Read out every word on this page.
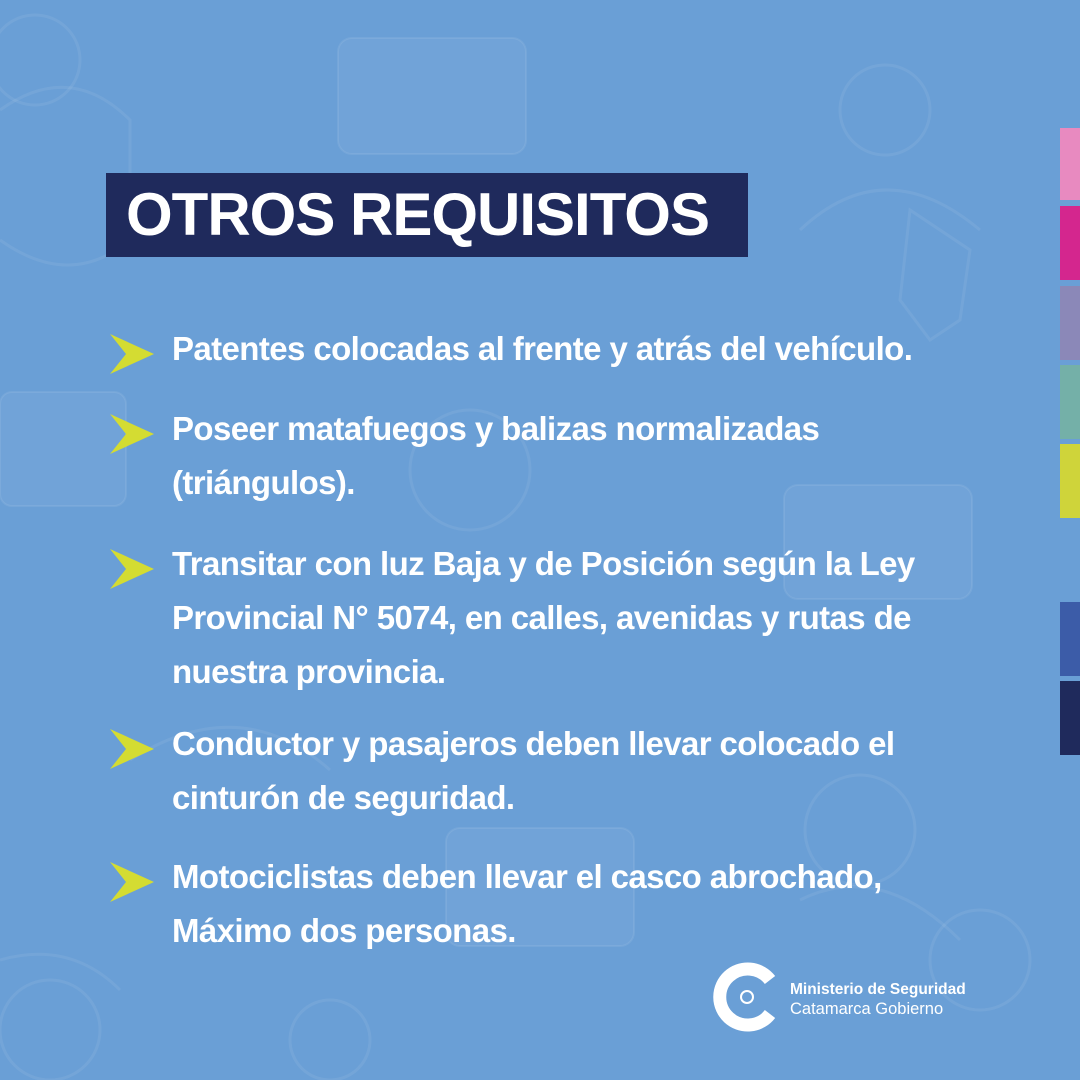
OTROS REQUISITOS
Patentes colocadas al frente y atrás del vehículo.
Poseer matafuegos y balizas normalizadas (triángulos).
Transitar con luz Baja y de Posición según la Ley Provincial N° 5074, en calles, avenidas y rutas de nuestra provincia.
Conductor y pasajeros deben llevar colocado el cinturón de seguridad.
Motociclistas deben llevar el casco abrochado, Máximo dos personas.
Ministerio de Seguridad
Catamarca Gobierno
